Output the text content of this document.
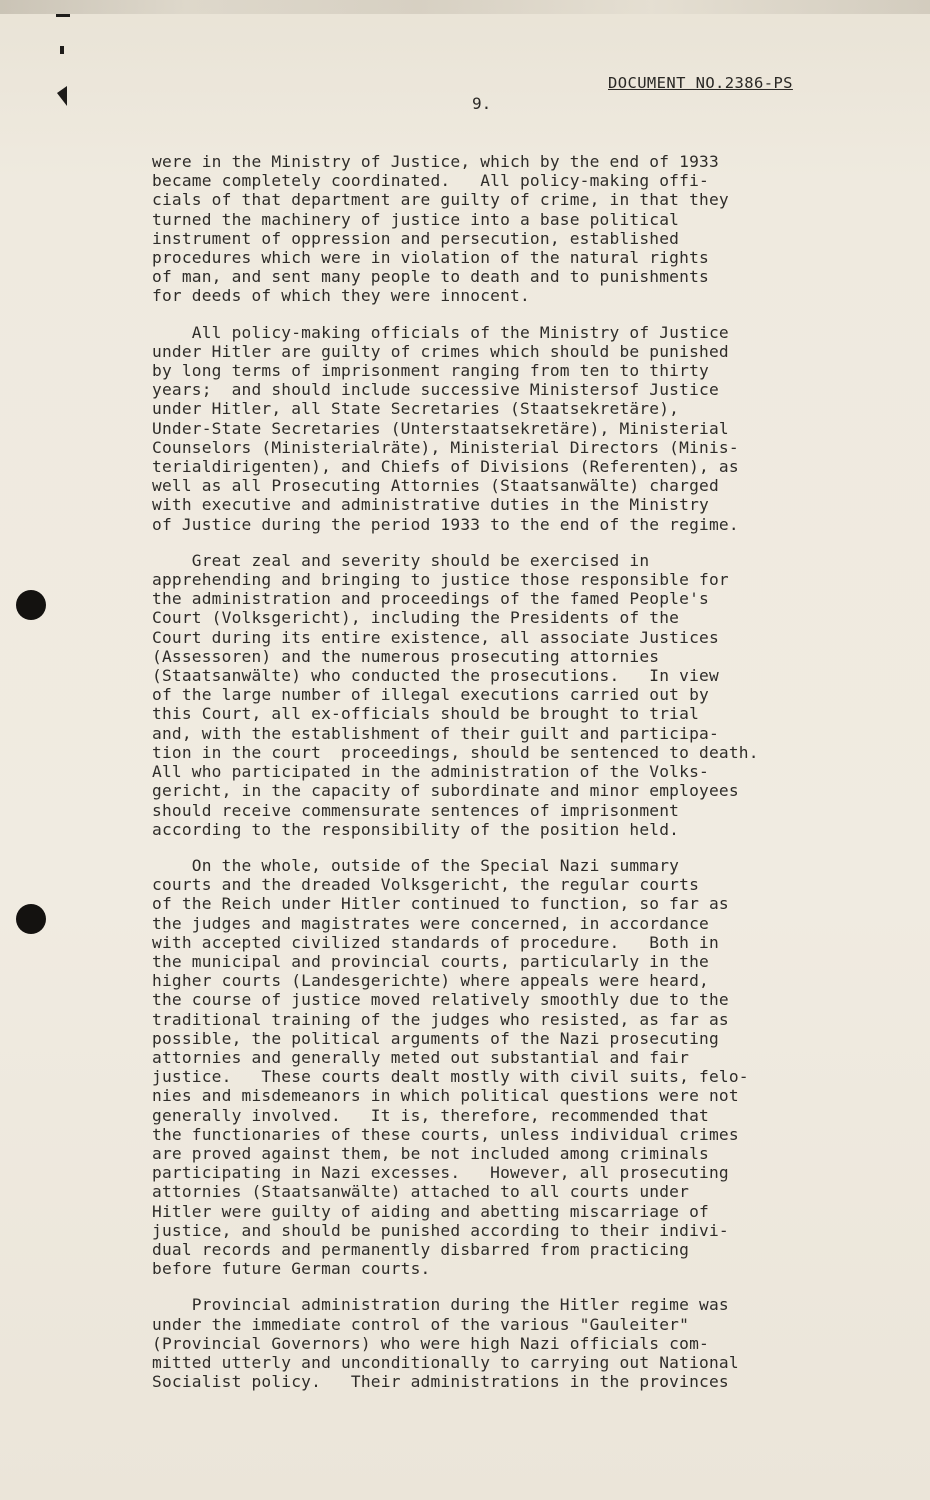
DOCUMENT NO.2386-PS
9.
were in the Ministry of Justice, which by the end of 1933
became completely coordinated.   All policy-making offi-
cials of that department are guilty of crime, in that they
turned the machinery of justice into a base political
instrument of oppression and persecution, established
procedures which were in violation of the natural rights
of man, and sent many people to death and to punishments
for deeds of which they were innocent.
All policy-making officials of the Ministry of Justice
under Hitler are guilty of crimes which should be punished
by long terms of imprisonment ranging from ten to thirty
years;  and should include successive Ministersof Justice
under Hitler, all State Secretaries (Staatsekretäre),
Under-State Secretaries (Unterstaatsekretäre), Ministerial
Counselors (Ministerialräte), Ministerial Directors (Minis-
terialdirigenten), and Chiefs of Divisions (Referenten), as
well as all Prosecuting Attornies (Staatsanwälte) charged
with executive and administrative duties in the Ministry
of Justice during the period 1933 to the end of the regime.
Great zeal and severity should be exercised in
apprehending and bringing to justice those responsible for
the administration and proceedings of the famed People's
Court (Volksgericht), including the Presidents of the
Court during its entire existence, all associate Justices
(Assessoren) and the numerous prosecuting attornies
(Staatsanwälte) who conducted the prosecutions.   In view
of the large number of illegal executions carried out by
this Court, all ex-officials should be brought to trial
and, with the establishment of their guilt and participa-
tion in the court  proceedings, should be sentenced to death.
All who participated in the administration of the Volks-
gericht, in the capacity of subordinate and minor employees
should receive commensurate sentences of imprisonment
according to the responsibility of the position held.
On the whole, outside of the Special Nazi summary
courts and the dreaded Volksgericht, the regular courts
of the Reich under Hitler continued to function, so far as
the judges and magistrates were concerned, in accordance
with accepted civilized standards of procedure.   Both in
the municipal and provincial courts, particularly in the
higher courts (Landesgerichte) where appeals were heard,
the course of justice moved relatively smoothly due to the
traditional training of the judges who resisted, as far as
possible, the political arguments of the Nazi prosecuting
attornies and generally meted out substantial and fair
justice.   These courts dealt mostly with civil suits, felo-
nies and misdemeanors in which political questions were not
generally involved.   It is, therefore, recommended that
the functionaries of these courts, unless individual crimes
are proved against them, be not included among criminals
participating in Nazi excesses.   However, all prosecuting
attornies (Staatsanwälte) attached to all courts under
Hitler were guilty of aiding and abetting miscarriage of
justice, and should be punished according to their indivi-
dual records and permanently disbarred from practicing
before future German courts.
Provincial administration during the Hitler regime was
under the immediate control of the various "Gauleiter"
(Provincial Governors) who were high Nazi officials com-
mitted utterly and unconditionally to carrying out National
Socialist policy.   Their administrations in the provinces
